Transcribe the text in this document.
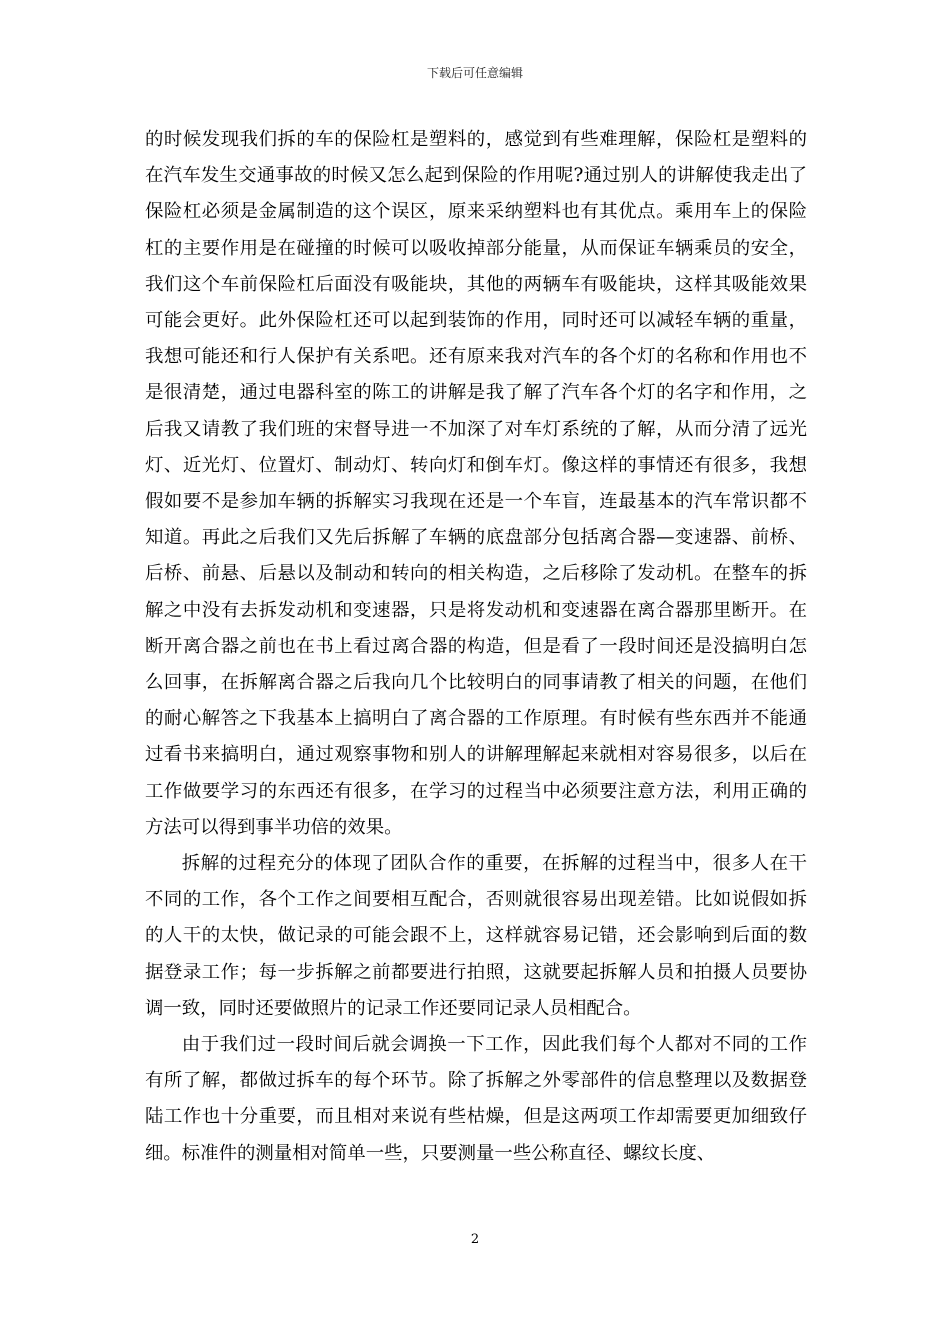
下载后可任意编辑

的时候发现我们拆的车的保险杠是塑料的，感觉到有些难理解，保险杠是塑料的在汽车发生交通事故的时候又怎么起到保险的作用呢?通过别人的讲解使我走出了保险杠必须是金属制造的这个误区，原来采纳塑料也有其优点。乘用车上的保险杠的主要作用是在碰撞的时候可以吸收掉部分能量，从而保证车辆乘员的安全，我们这个车前保险杠后面没有吸能块，其他的两辆车有吸能块，这样其吸能效果可能会更好。此外保险杠还可以起到装饰的作用，同时还可以减轻车辆的重量，我想可能还和行人保护有关系吧。还有原来我对汽车的各个灯的名称和作用也不是很清楚，通过电器科室的陈工的讲解是我了解了汽车各个灯的名字和作用，之后我又请教了我们班的宋督导进一不加深了对车灯系统的了解，从而分清了远光灯、近光灯、位置灯、制动灯、转向灯和倒车灯。像这样的事情还有很多，我想假如要不是参加车辆的拆解实习我现在还是一个车盲，连最基本的汽车常识都不知道。再此之后我们又先后拆解了车辆的底盘部分包括离合器—变速器、前桥、后桥、前悬、后悬以及制动和转向的相关构造，之后移除了发动机。在整车的拆解之中没有去拆发动机和变速器，只是将发动机和变速器在离合器那里断开。在断开离合器之前也在书上看过离合器的构造，但是看了一段时间还是没搞明白怎么回事，在拆解离合器之后我向几个比较明白的同事请教了相关的问题，在他们的耐心解答之下我基本上搞明白了离合器的工作原理。有时候有些东西并不能通过看书来搞明白，通过观察事物和别人的讲解理解起来就相对容易很多，以后在工作做要学习的东西还有很多，在学习的过程当中必须要注意方法，利用正确的方法可以得到事半功倍的效果。

拆解的过程充分的体现了团队合作的重要，在拆解的过程当中，很多人在干不同的工作，各个工作之间要相互配合，否则就很容易出现差错。比如说假如拆的人干的太快，做记录的可能会跟不上，这样就容易记错，还会影响到后面的数据登录工作；每一步拆解之前都要进行拍照，这就要起拆解人员和拍摄人员要协调一致，同时还要做照片的记录工作还要同记录人员相配合。

由于我们过一段时间后就会调换一下工作，因此我们每个人都对不同的工作有所了解，都做过拆车的每个环节。除了拆解之外零部件的信息整理以及数据登陆工作也十分重要，而且相对来说有些枯燥，但是这两项工作却需要更加细致仔细。标准件的测量相对简单一些，只要测量一些公称直径、螺纹长度、

2
